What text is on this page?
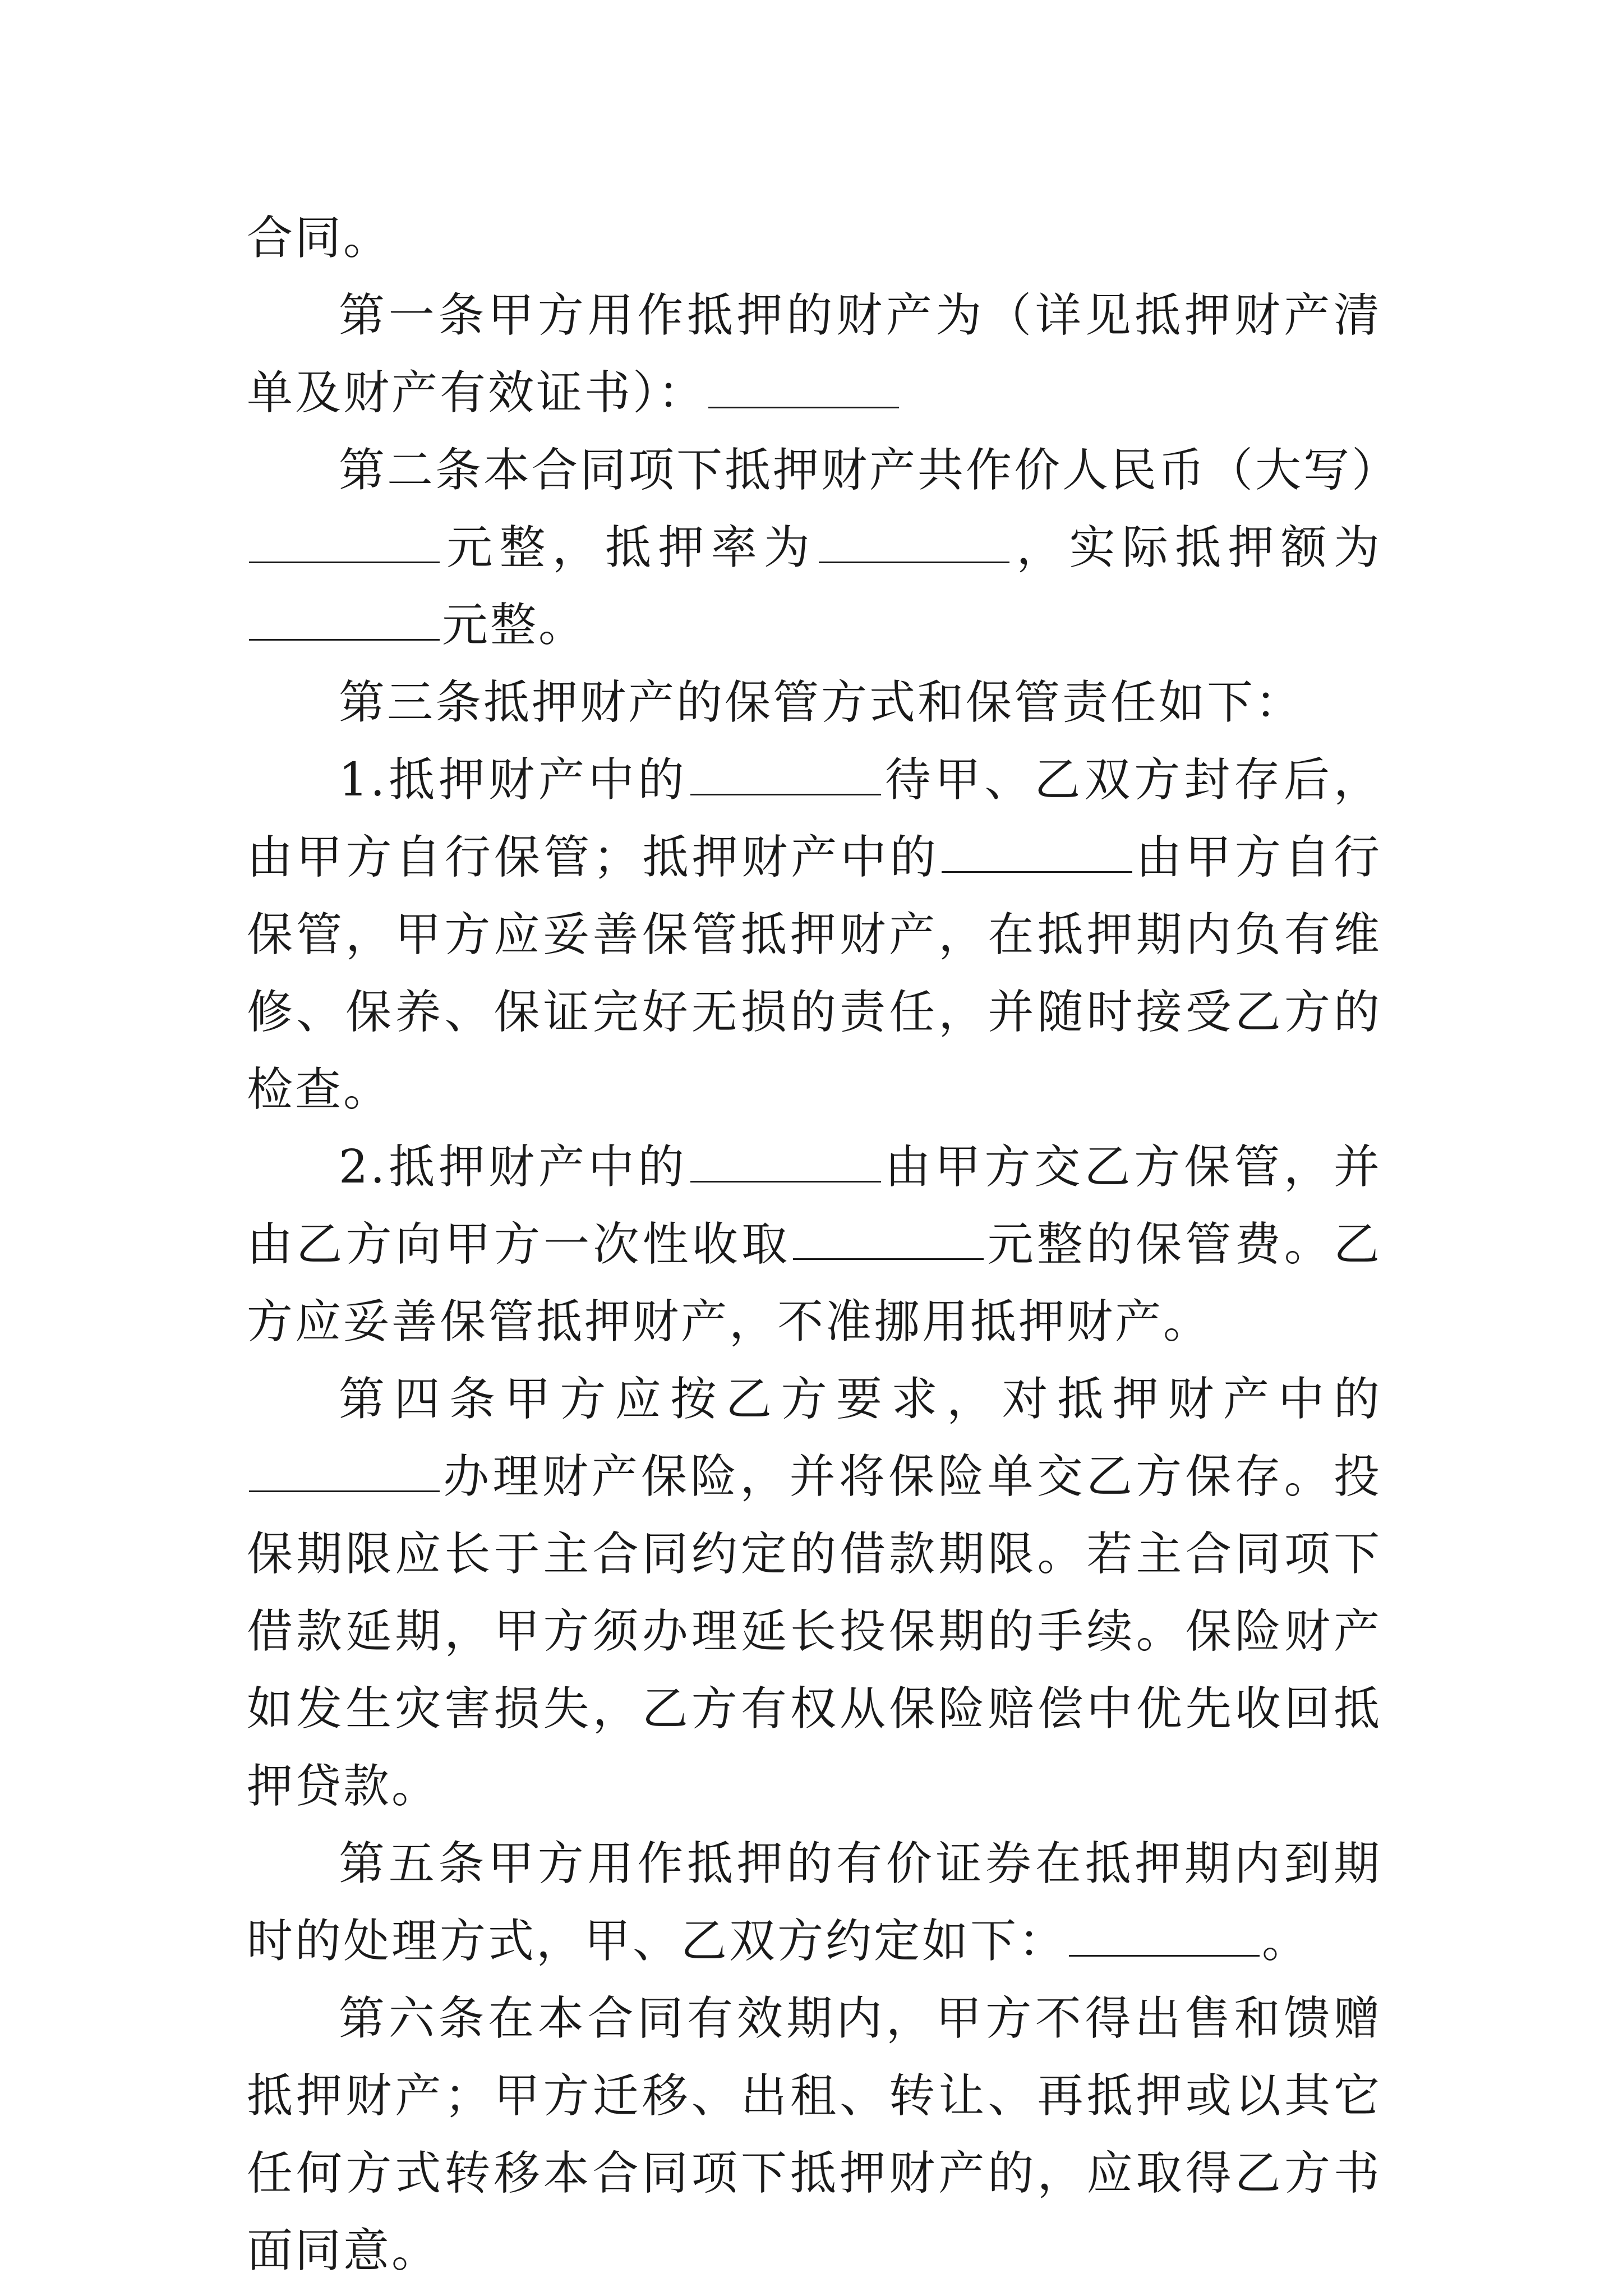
合同。

第一条甲方用作抵押的财产为（详见抵押财产清单及财产有效证书）：

第二条本合同项下抵押财产共作价人民币（大写）元整，抵押率为	，实际抵押额为元整。

第三条抵押财产的保管方式和保管责任如下：

1.抵押财产中的	待甲、乙双方封存后，由甲方自行保管；抵押财产中的	由甲方自行保管，甲方应妥善保管抵押财产，在抵押期内负有维修、保养、保证完好无损的责任，并随时接受乙方的检查。

2.抵押财产中的	由甲方交乙方保管，并由乙方向甲方一次性收取	元整的保管费。乙方应妥善保管抵押财产，不准挪用抵押财产。

第四条甲方应按乙方要求，对抵押财产中的办理财产保险，并将保险单交乙方保存。投保期限应长于主合同约定的借款期限。若主合同项下借款延期，甲方须办理延长投保期的手续。保险财产如发生灾害损失，乙方有权从保险赔偿中优先收回抵押贷款。

第五条甲方用作抵押的有价证券在抵押期内到期时的处理方式，甲、乙双方约定如下：	。

第六条在本合同有效期内，甲方不得出售和馈赠抵押财产；甲方迁移、出租、转让、再抵押或以其它任何方式转移本合同项下抵押财产的，应取得乙方书面同意。
